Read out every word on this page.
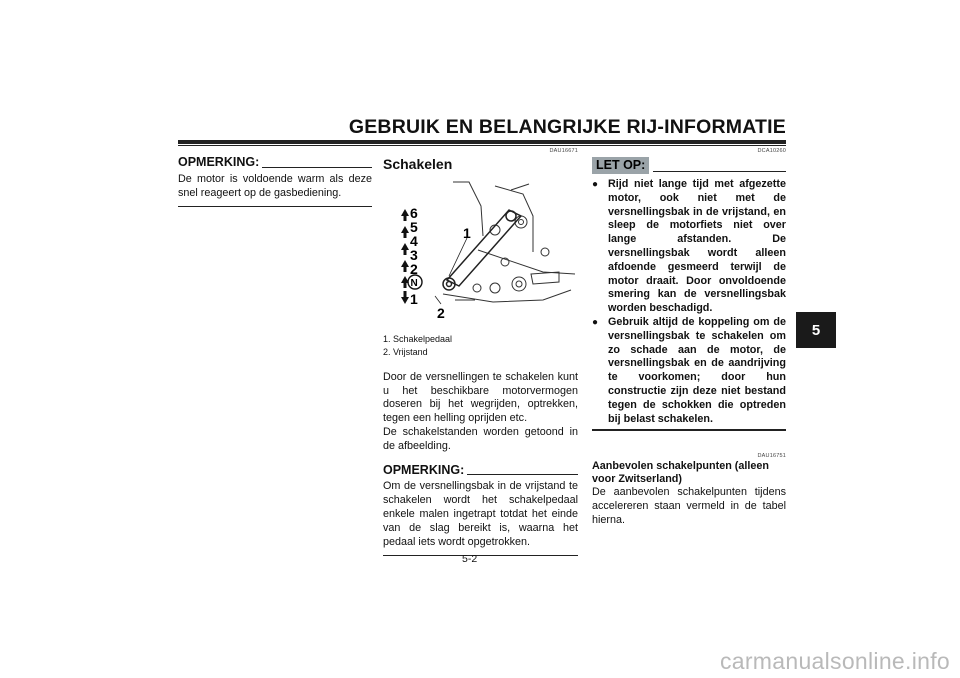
GEBRUIK EN BELANGRIJKE RIJ-INFORMATIE
5
OPMERKING:
De motor is voldoende warm als deze snel reageert op de gasbediening.
DAU16671
Schakelen
6
5
4
3
2
N
1
1
2
1. Schakelpedaal
2. Vrijstand

Door de versnellingen te schakelen kunt u het beschikbare motorvermogen doseren bij het wegrijden, optrekken, tegen een helling oprijden etc.

De schakelstanden worden getoond in de afbeelding.

OPMERKING:
Om de versnellingsbak in de vrijstand te schakelen wordt het schakelpedaal enkele malen ingetrapt totdat het einde van de slag bereikt is, waarna het pedaal iets wordt opgetrokken.
DCA10260
LET OP:
● Rijd niet lange tijd met afgezette motor, ook niet met de versnellingsbak in de vrijstand, en sleep de motorfiets niet over lange afstanden. De versnellingsbak wordt alleen afdoende gesmeerd terwijl de motor draait. Door onvoldoende smering kan de versnellingsbak worden beschadigd.
● Gebruik altijd de koppeling om de versnellingsbak te schakelen om zo schade aan de motor, de versnellingsbak en de aandrijving te voorkomen; door hun constructie zijn deze niet bestand tegen de schokken die optreden bij belast schakelen.
DAU16751
Aanbevolen schakelpunten (alleen voor Zwitserland)
De aanbevolen schakelpunten tijdens accelereren staan vermeld in de tabel hierna.
5-2
carmanualsonline.info
